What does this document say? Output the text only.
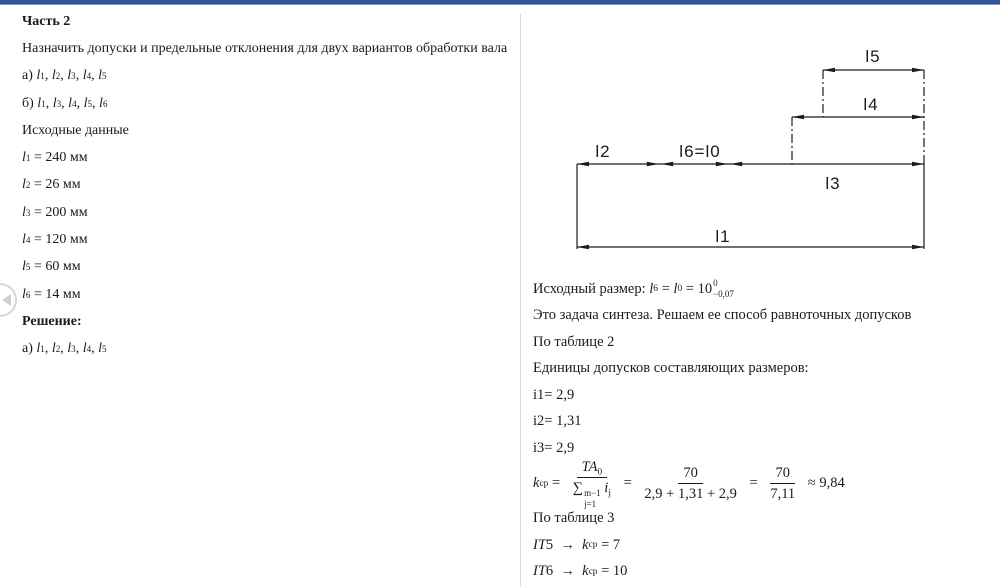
Часть 2
Назначить допуски и предельные отклонения для двух вариантов обработки вала
а) l 1 , l 2 , l 3 , l 4 , l 5
б) l 1 , l 3 , l 4 , l 5 , l 6
Исходные данные
l 1 = 240 мм
l 2 = 26 мм
l 3 = 200 мм
l 4 = 120 мм
l 5 = 60 мм
l 6 = 14 мм
Решение:
а) l 1 , l 2 , l 3 , l 4 , l 5
l5
l4
l2	l6=l0
l3
l1
Исходный размер: l 6 = l 0 = 10 0
−0,07
Это задача синтеза. Решаем ее способ равноточных допусков
По таблице 2
Единицы допусков составляющих размеров:
i1= 2,9
i2= 1,31
i3= 2,9
k ср = $TA_0$
∑ m−1
j=1
$i_j = \frac{70}{2,9 + 1,31 + 2,9} = \frac{70}{7,11} \approx 9,84$
По таблице 3
IT 5  → k ср = 7
IT 6  → k ср = 10
